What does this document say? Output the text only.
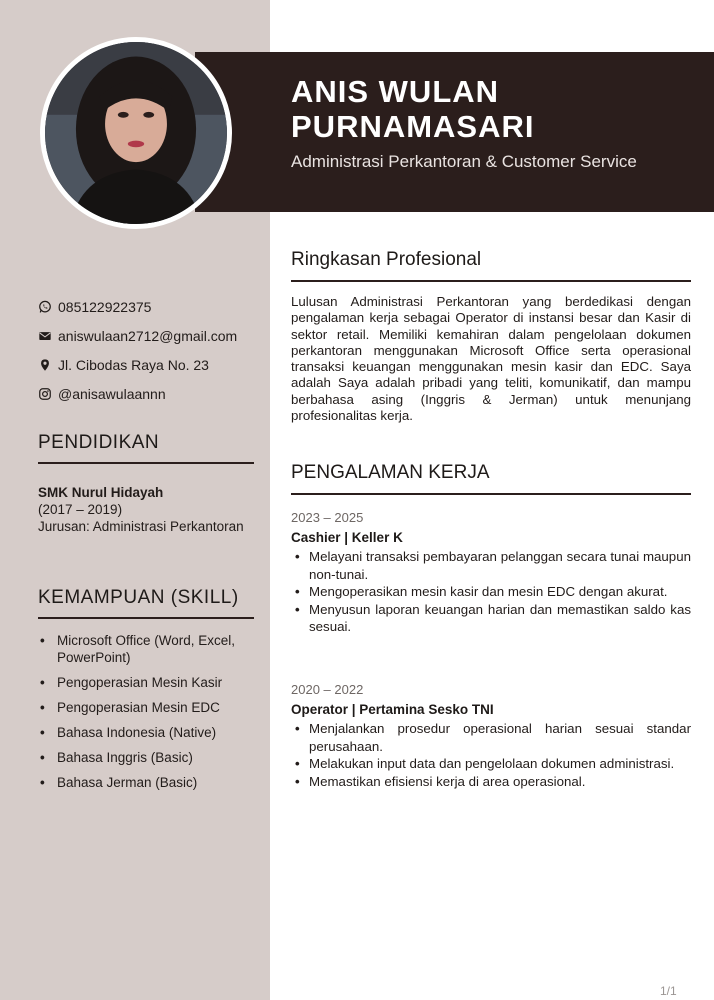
ANIS WULAN PURNAMASARI
Administrasi Perkantoran & Customer Service
085122922375
aniswulaan2712@gmail.com
Jl. Cibodas Raya No. 23
@anisawulaannn
PENDIDIKAN
SMK Nurul Hidayah
(2017 – 2019)
Jurusan: Administrasi Perkantoran
KEMAMPUAN (SKILL)
• Microsoft Office (Word, Excel, PowerPoint)
• Pengoperasian Mesin Kasir
• Pengoperasian Mesin EDC
• Bahasa Indonesia (Native)
• Bahasa Inggris (Basic)
• Bahasa Jerman (Basic)
Ringkasan Profesional
Lulusan Administrasi Perkantoran yang berdedikasi dengan pengalaman kerja sebagai Operator di instansi besar dan Kasir di sektor retail. Memiliki kemahiran dalam pengelolaan dokumen perkantoran menggunakan Microsoft Office serta operasional transaksi keuangan menggunakan mesin kasir dan EDC. Saya adalah Saya adalah pribadi yang teliti, komunikatif, dan mampu berbahasa asing (Inggris & Jerman) untuk menunjang profesionalitas kerja.
PENGALAMAN KERJA
2023 – 2025
Cashier | Keller K
• Melayani transaksi pembayaran pelanggan secara tunai maupun non-tunai.
• Mengoperasikan mesin kasir dan mesin EDC dengan akurat.
• Menyusun laporan keuangan harian dan memastikan saldo kas sesuai.
2020 – 2022
Operator | Pertamina Sesko TNI
• Menjalankan prosedur operasional harian sesuai standar perusahaan.
• Melakukan input data dan pengelolaan dokumen administrasi.
• Memastikan efisiensi kerja di area operasional.
1/1
